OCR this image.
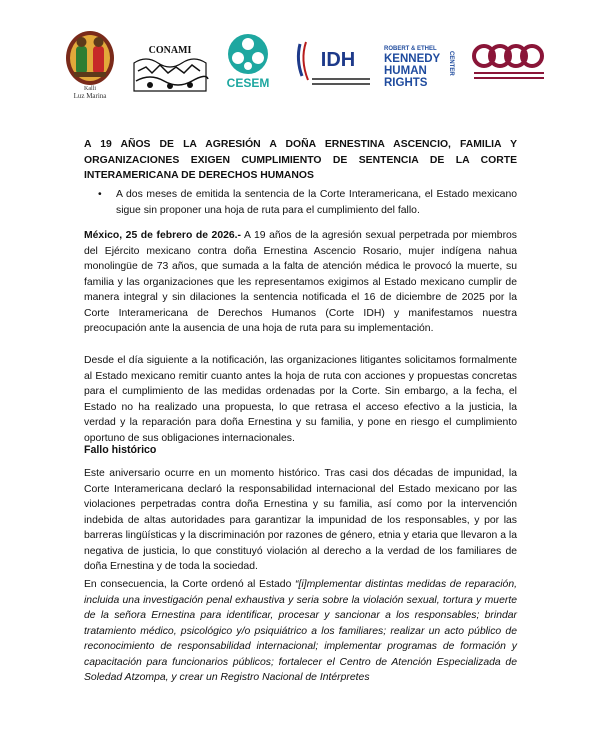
Kalli
Luz Marina
CONAMI
CESEM
IDH	ROBERT & ETHEL
KENNEDY
HUMAN
RIGHTS
CENTER
A 19 AÑOS DE LA AGRESIÓN A DOÑA ERNESTINA ASCENCIO, FAMILIA Y ORGANIZACIONES EXIGEN CUMPLIMIENTO DE SENTENCIA DE LA CORTE INTERAMERICANA DE DERECHOS HUMANOS
•	A dos meses de emitida la sentencia de la Corte Interamericana, el Estado mexicano sigue sin proponer una hoja de ruta para el cumplimiento del fallo.

México, 25 de febrero de 2026.- A 19 años de la agresión sexual perpetrada por miembros del Ejército mexicano contra doña Ernestina Ascencio Rosario, mujer indígena nahua monolingüe de 73 años, que sumada a la falta de atención médica le provocó la muerte, su familia y las organizaciones que les representamos exigimos al Estado mexicano cumplir de manera integral y sin dilaciones la sentencia notificada el 16 de diciembre de 2025 por la Corte Interamericana de Derechos Humanos (Corte IDH) y manifestamos nuestra preocupación ante la ausencia de una hoja de ruta para su implementación.

Desde el día siguiente a la notificación, las organizaciones litigantes solicitamos formalmente al Estado mexicano remitir cuanto antes la hoja de ruta con acciones y propuestas concretas para el cumplimiento de las medidas ordenadas por la Corte. Sin embargo, a la fecha, el Estado no ha realizado una propuesta, lo que retrasa el acceso efectivo a la justicia, la verdad y la reparación para doña Ernestina y su familia, y pone en riesgo el cumplimiento oportuno de sus obligaciones internacionales.

Fallo histórico

Este aniversario ocurre en un momento histórico. Tras casi dos décadas de impunidad, la Corte Interamericana declaró la responsabilidad internacional del Estado mexicano por las violaciones perpetradas contra doña Ernestina y su familia, así como por la intervención indebida de altas autoridades para garantizar la impunidad de los responsables, y por las barreras lingüísticas y la discriminación por razones de género, etnia y etaria que llevaron a la negativa de justicia, lo que constituyó violación al derecho a la verdad de los familiares de doña Ernestina y de toda la sociedad.

En consecuencia, la Corte ordenó al Estado “[i]mplementar distintas medidas de reparación, incluida una investigación penal exhaustiva y seria sobre la violación sexual, tortura y muerte de la señora Ernestina para identificar, procesar y sancionar a los responsables; brindar tratamiento médico, psicológico y/o psiquiátrico a los familiares; realizar un acto público de reconocimiento de responsabilidad internacional; implementar programas de formación y capacitación para funcionarios públicos; fortalecer el Centro de Atención Especializada de Soledad Atzompa, y crear un Registro Nacional de Intérpretes
